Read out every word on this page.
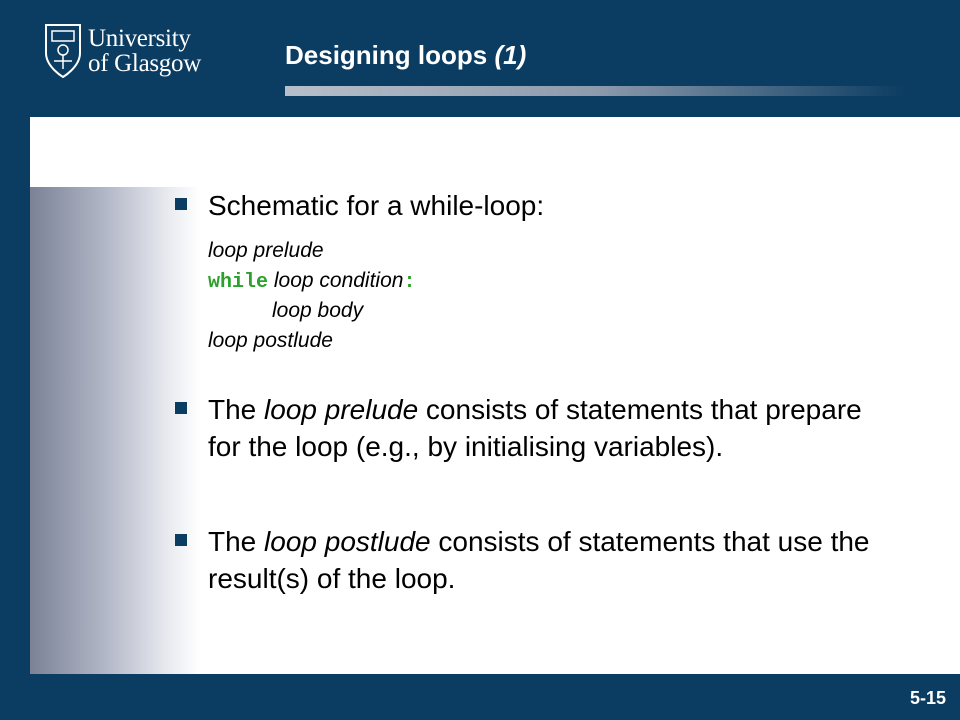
University
of Glasgow	Designing loops (1)
Schematic for a while-loop:
loop prelude
while loop condition:
loop body
loop postlude
The loop prelude consists of statements that prepare for the loop (e.g., by initialising variables).
The loop postlude consists of statements that use the result(s) of the loop.
5-15
